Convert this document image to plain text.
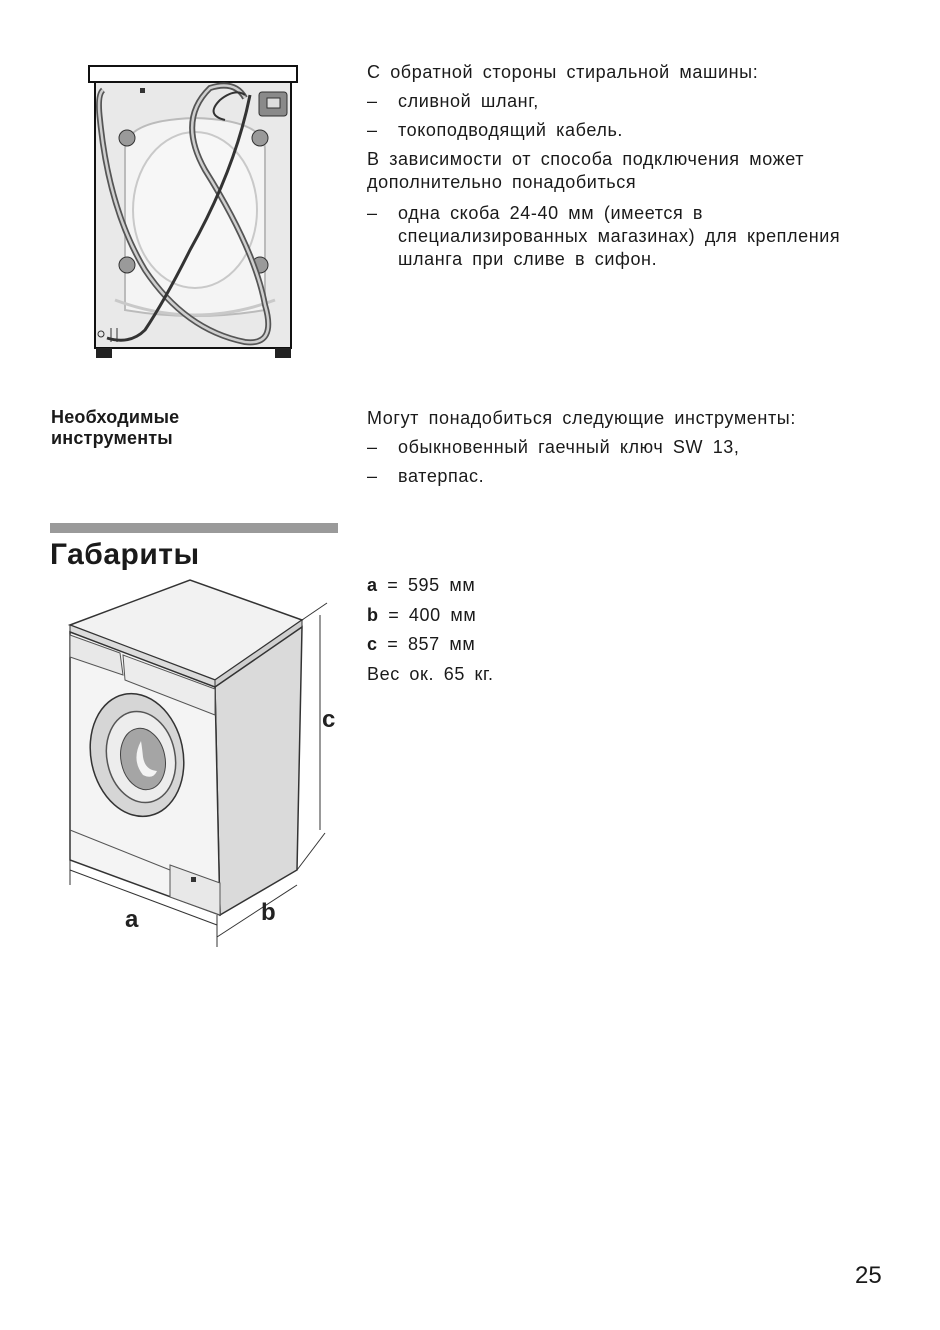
С обратной стороны стиральной машины:

– сливной шланг,
– токоподводящий кабель.

В зависимости от способа подключения может дополнительно понадобиться

– одна скоба 24-40 мм (имеется в специализированных магазинах) для крепления шланга при сливе в сифон.
Необходимые
инструменты

Могут понадобиться следующие инструменты:

– обыкновенный гаечный ключ SW 13,
– ватерпас.
Габариты
a = 595 мм
b = 400 мм
c = 857 мм
Вес ок. 65 кг.
a	b
c
25
